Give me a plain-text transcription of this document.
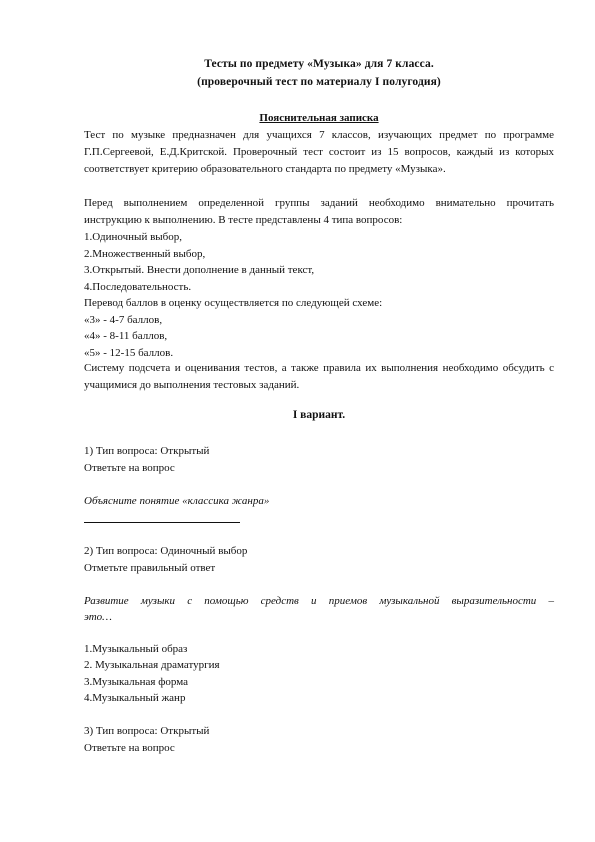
Тесты по предмету «Музыка» для 7 класса.
(проверочный тест по материалу I полугодия)
Пояснительная записка
Тест по музыке предназначен для учащихся 7 классов, изучающих предмет по программе Г.П.Сергеевой, Е.Д.Критской. Проверочный тест состоит из 15 вопросов, каждый из которых соответствует критерию образовательного стандарта по предмету «Музыка».
Перед выполнением определенной группы заданий необходимо внимательно прочитать инструкцию к выполнению. В тесте представлены 4 типа вопросов:
1.Одиночный выбор,
2.Множественный выбор,
3.Открытый. Внести дополнение в данный текст,
4.Последовательность.
Перевод баллов в оценку осуществляется по следующей схеме:
«3» - 4-7 баллов,
«4» - 8-11 баллов,
«5» - 12-15 баллов.
Систему подсчета и оценивания тестов, а также правила их выполнения необходимо обсудить с учащимися до выполнения тестовых заданий.
I вариант.
1) Тип вопроса: Открытый
Ответьте на вопрос
Объясните понятие «классика жанра»
2) Тип вопроса: Одиночный выбор
Отметьте правильный ответ
Развитие музыки с помощью средств и приемов музыкальной выразительности – это…
1.Музыкальный образ
2. Музыкальная драматургия
3.Музыкальная форма
4.Музыкальный жанр
3) Тип вопроса: Открытый
Ответьте на вопрос
